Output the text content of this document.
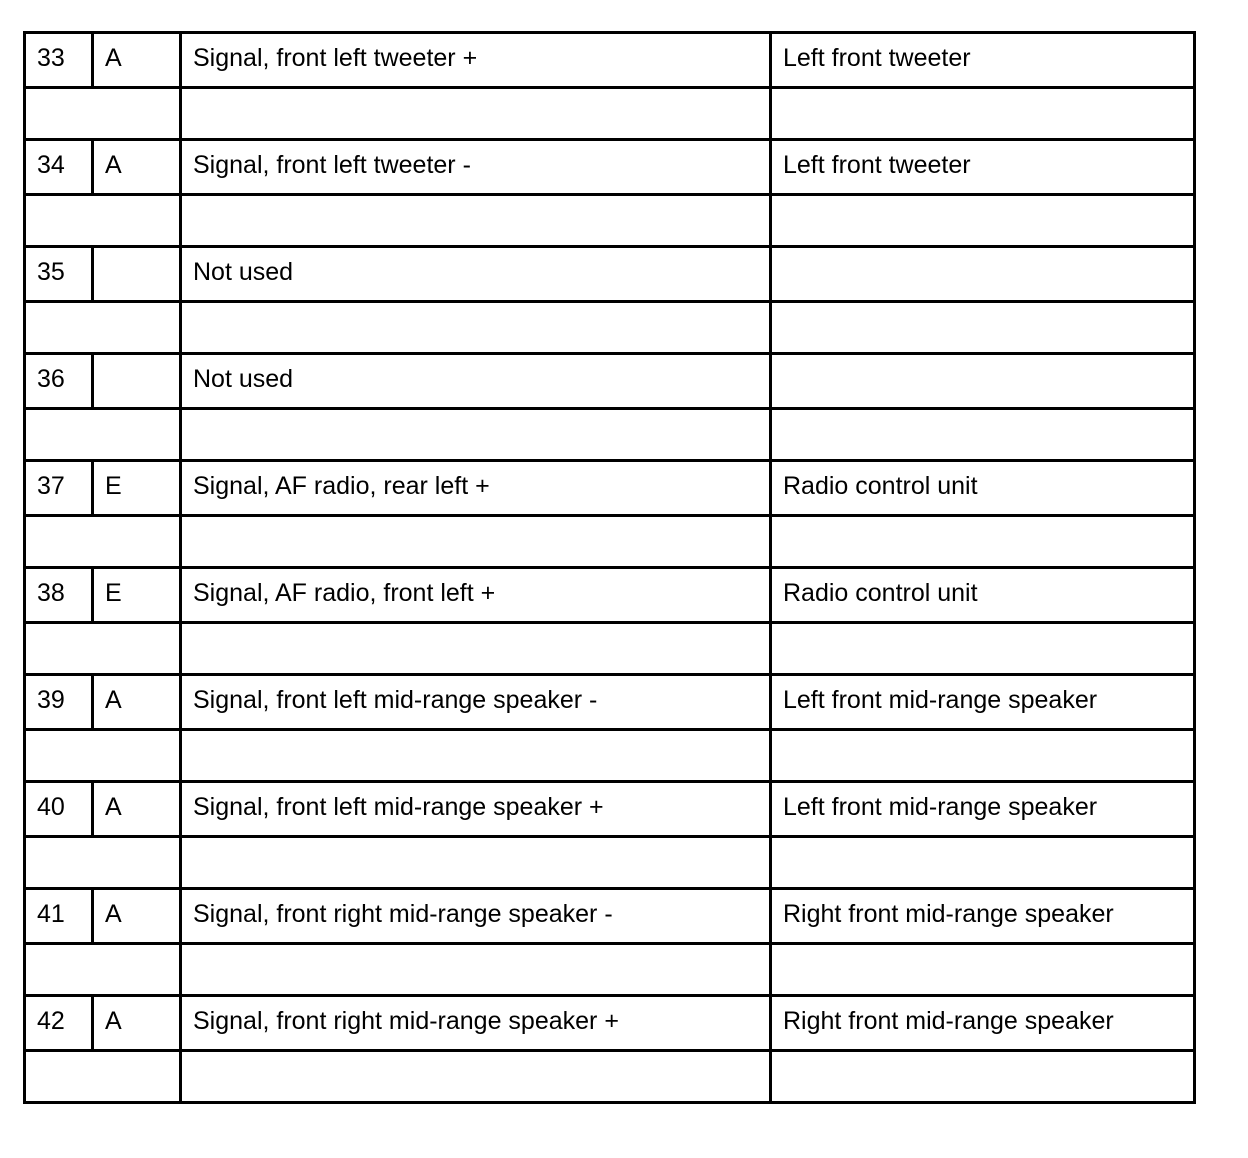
33	A	Signal, front left tweeter +	Left front tweeter

34	A	Signal, front left tweeter -	Left front tweeter

35		Not used	

36		Not used	

37	E	Signal, AF radio, rear left +	Radio control unit

38	E	Signal, AF radio, front left +	Radio control unit

39	A	Signal, front left mid-range speaker -	Left front mid-range speaker

40	A	Signal, front left mid-range speaker +	Left front mid-range speaker

41	A	Signal, front right mid-range speaker -	Right front mid-range speaker

42	A	Signal, front right mid-range speaker +	Right front mid-range speaker
